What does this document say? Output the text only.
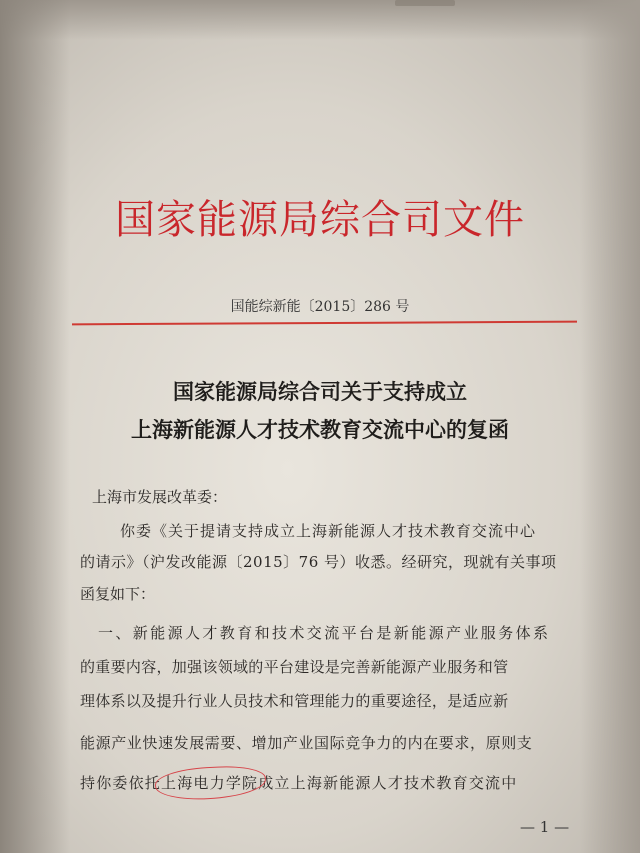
国家能源局综合司文件
国能综新能〔2015〕286 号
国家能源局综合司关于支持成立
上海新能源人才技术教育交流中心的复函
上海市发展改革委：
你委《关于提请支持成立上海新能源人才技术教育交流中心
的请示》（沪发改能源〔2015〕76 号）收悉。经研究，现就有关事项
函复如下：
一、新能源人才教育和技术交流平台是新能源产业服务体系
的重要内容，加强该领域的平台建设是完善新能源产业服务和管
理体系以及提升行业人员技术和管理能力的重要途径，是适应新
能源产业快速发展需要、增加产业国际竞争力的内在要求，原则支
持你委依托上海电力学院成立上海新能源人才技术教育交流中
— 1 —
